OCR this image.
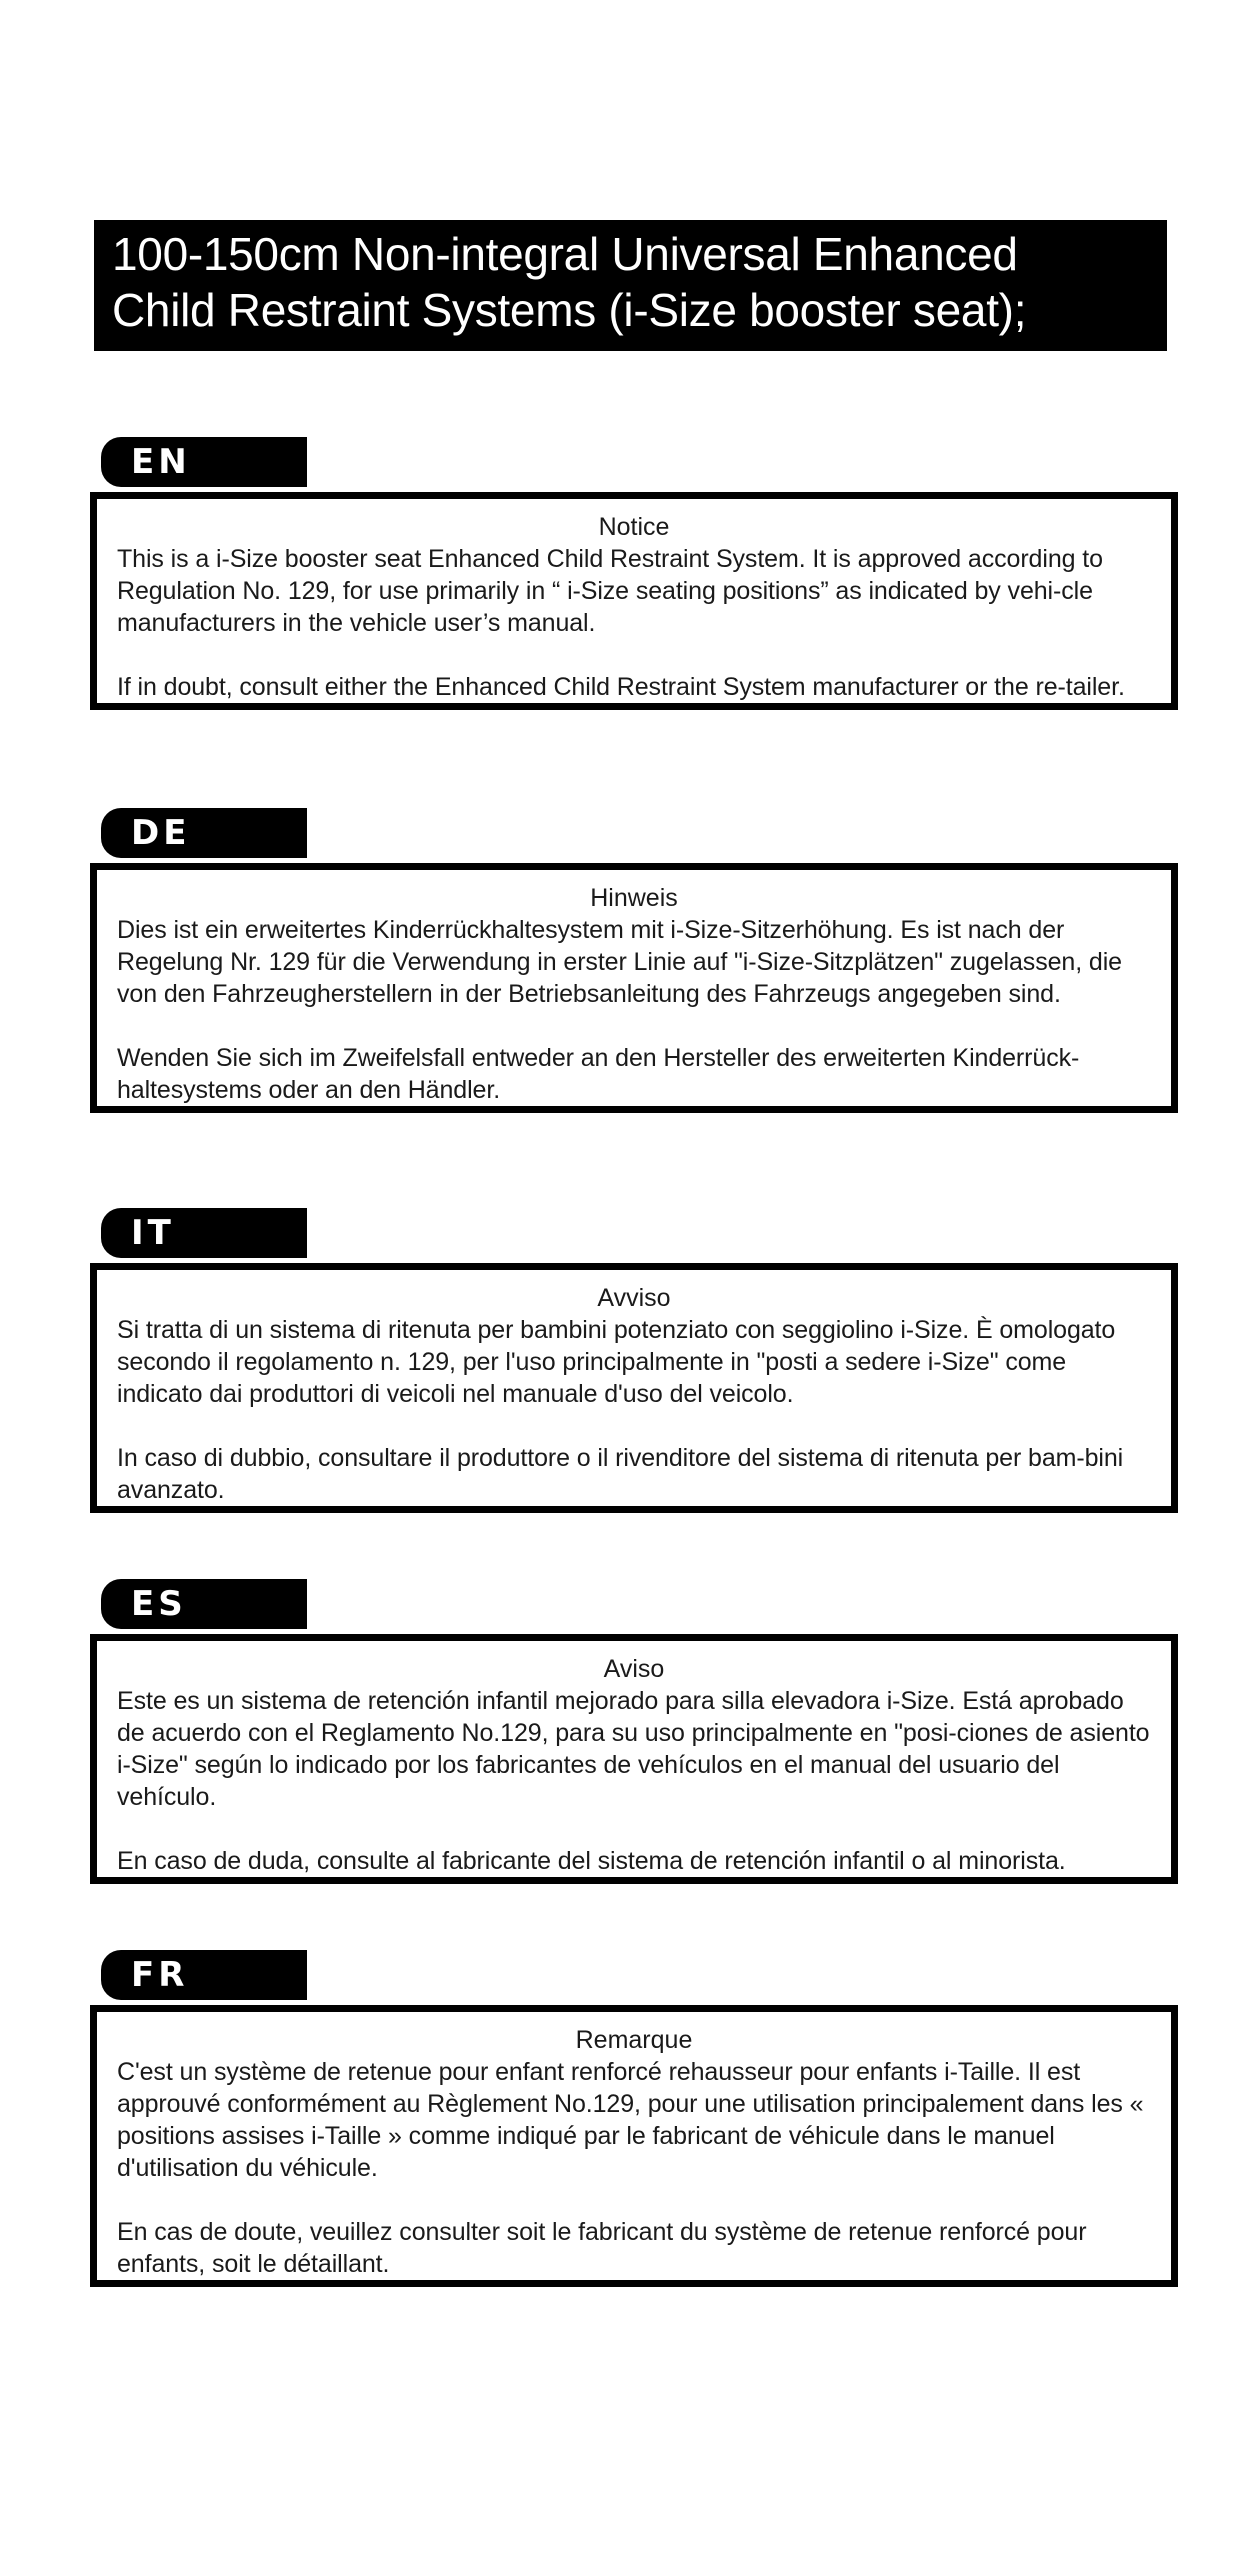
100-150cm Non-integral Universal Enhanced
Child Restraint Systems (i-Size booster seat);
EN
Notice

This is a i-Size booster seat Enhanced Child Restraint System. It is approved according to Regulation No. 129, for use primarily in “ i-Size seating positions” as indicated by vehi-cle manufacturers in the vehicle user’s manual.

If in doubt, consult either the Enhanced Child Restraint System manufacturer or the re-tailer.

DE
Hinweis

Dies ist ein erweitertes Kinderrückhaltesystem mit i-Size-Sitzerhöhung. Es ist nach der Regelung Nr. 129 für die Verwendung in erster Linie auf "i-Size-Sitzplätzen" zugelassen, die von den Fahrzeugherstellern in der Betriebsanleitung des Fahrzeugs angegeben sind.

Wenden Sie sich im Zweifelsfall entweder an den Hersteller des erweiterten Kinderrück-haltesystems oder an den Händler.

IT
Avviso

Si tratta di un sistema di ritenuta per bambini potenziato con seggiolino i-Size. È omologato secondo il regolamento n. 129, per l'uso principalmente in "posti a sedere i-Size" come indicato dai produttori di veicoli nel manuale d'uso del veicolo.

In caso di dubbio, consultare il produttore o il rivenditore del sistema di ritenuta per bam-bini avanzato.

ES
Aviso

Este es un sistema de retención infantil mejorado para silla elevadora i-Size. Está aprobado de acuerdo con el Reglamento No.129, para su uso principalmente en "posi-ciones de asiento i-Size" según lo indicado por los fabricantes de vehículos en el manual del usuario del vehículo.

En caso de duda, consulte al fabricante del sistema de retención infantil o al minorista.

FR
Remarque

C'est un système de retenue pour enfant renforcé rehausseur pour enfants i-Taille. Il est approuvé conformément au Règlement No.129, pour une utilisation principalement dans les « positions assises i-Taille » comme indiqué par le fabricant de véhicule dans le manuel d'utilisation du véhicule.

En cas de doute, veuillez consulter soit le fabricant du système de retenue renforcé pour enfants, soit le détaillant.
